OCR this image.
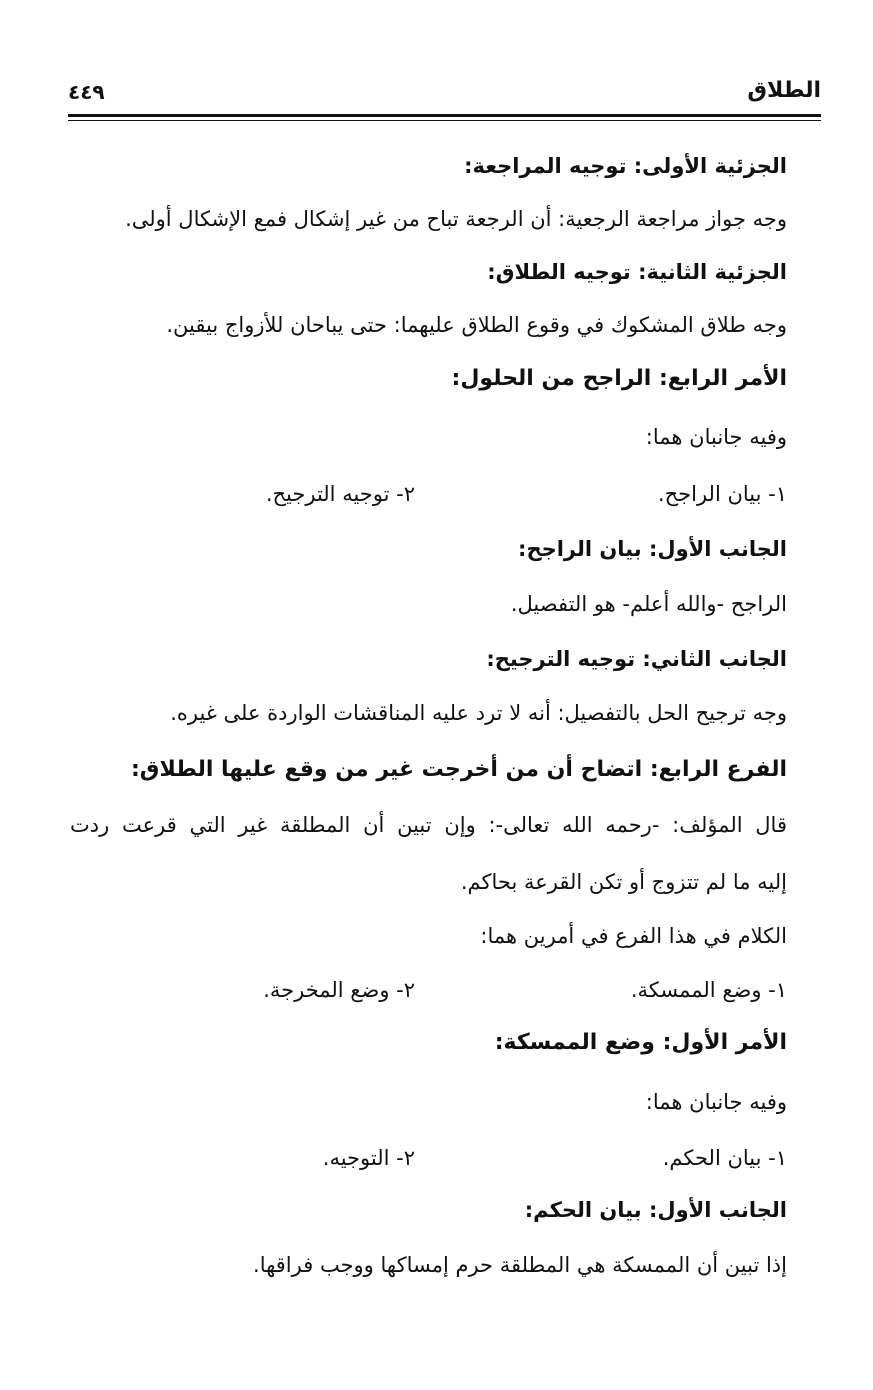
الطلاق
٤٤٩
الجزئية الأولى: توجيه المراجعة:
وجه جواز مراجعة الرجعية: أن الرجعة تباح من غير إشكال فمع الإشكال أولى.
الجزئية الثانية: توجيه الطلاق:
وجه طلاق المشكوك في وقوع الطلاق عليهما: حتى يباحان للأزواج بيقين.
الأمر الرابع: الراجح من الحلول:
وفيه جانبان هما:
١- بيان الراجح.
٢- توجيه الترجيح.
الجانب الأول: بيان الراجح:
الراجح -والله أعلم- هو التفصيل.
الجانب الثاني: توجيه الترجيح:
وجه ترجيح الحل بالتفصيل: أنه لا ترد عليه المناقشات الواردة على غيره.
الفرع الرابع: اتضاح أن من أخرجت غير من وقع عليها الطلاق:
قال المؤلف: -رحمه الله تعالى-: وإن تبين أن المطلقة غير التي قرعت ردت
إليه ما لم تتزوج أو تكن القرعة بحاكم.
الكلام في هذا الفرع في أمرين هما:
١- وضع الممسكة.
٢- وضع المخرجة.
الأمر الأول: وضع الممسكة:
وفيه جانبان هما:
١- بيان الحكم.
٢- التوجيه.
الجانب الأول: بيان الحكم:
إذا تبين أن الممسكة هي المطلقة حرم إمساكها ووجب فراقها.
